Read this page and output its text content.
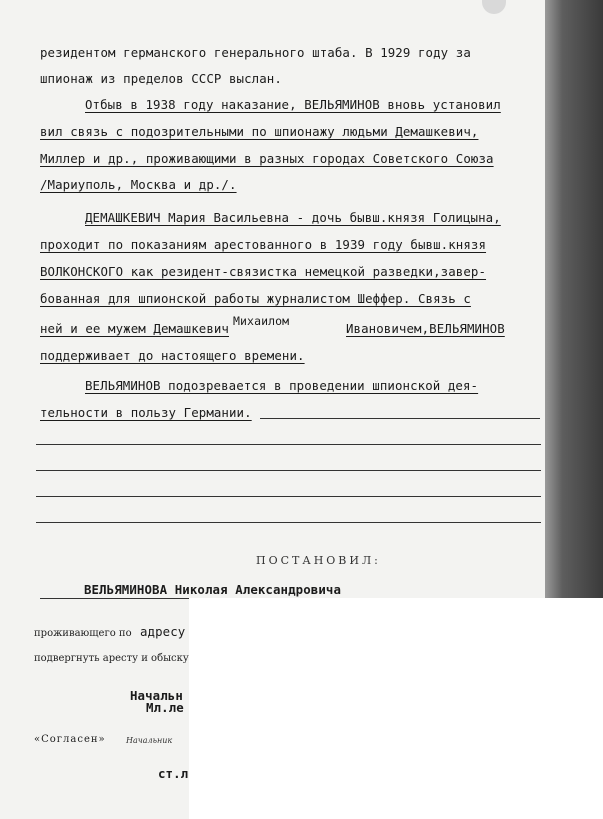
резидентом германского генерального штаба. В 1929 году за
шпионаж из пределов СССР выслан.
Отбыв в 1938 году наказание, ВЕЛЬЯМИНОВ вновь установил
вил связь с подозрительными по шпионажу людьми Демашкевич,
Миллер и др., проживающими в разных городах Советского Союза
/Мариуполь, Москва и др./.
ДЕМАШКЕВИЧ Мария Васильевна - дочь бывш.князя Голицына,
проходит по показаниям арестованного в 1939 году бывш.князя
ВОЛКОНСКОГО как резидент-связистка немецкой разведки,завер-
бованная для шпионской работы журналистом Шеффер. Связь с
ней и ее мужем Демашкевич Михаилом	Ивановичем,ВЕЛЬЯМИНОВ
поддерживает до настоящего времени.
ВЕЛЬЯМИНОВ подозревается в проведении шпионской дея-
тельности в пользу Германии.
ПОСТАНОВИЛ:
ВЕЛЬЯМИНОВА Николая Александровича
проживающего по адресу
подвергнуть аресту и обыску
Начальн
Мл.ле
«Согласен»	Начальник
ст.л
